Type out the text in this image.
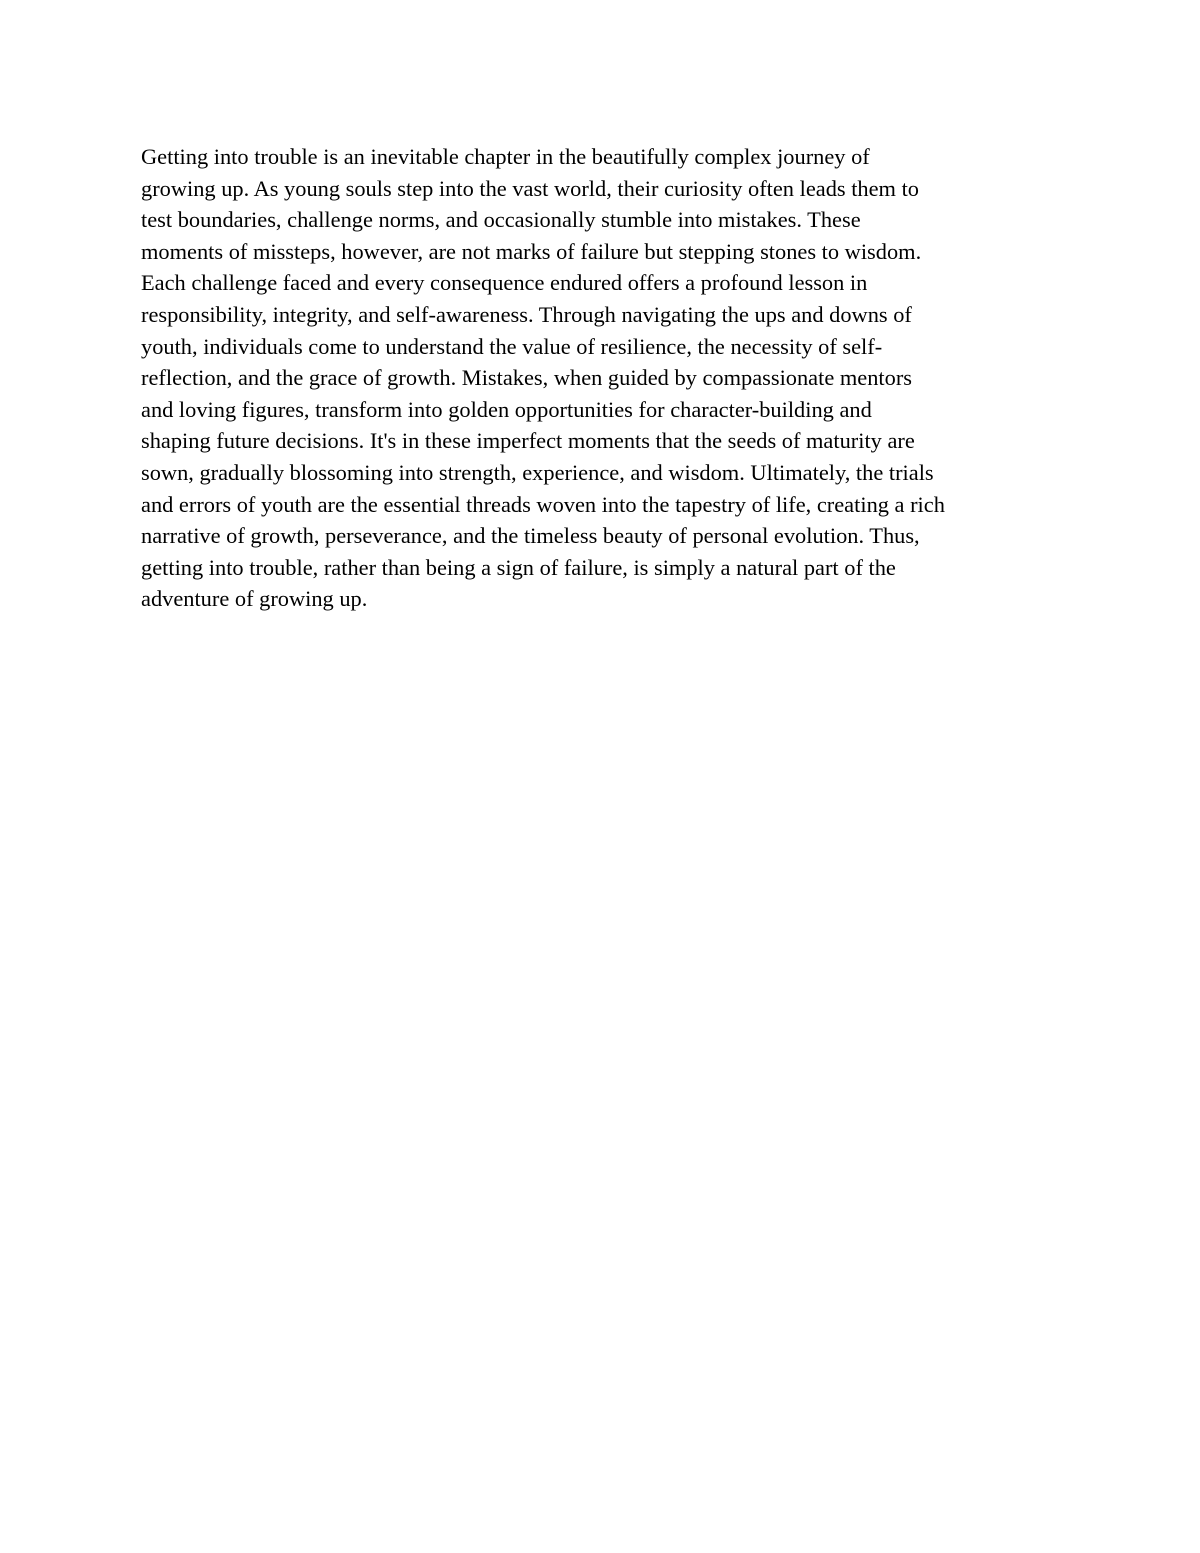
Getting into trouble is an inevitable chapter in the beautifully complex journey of
growing up. As young souls step into the vast world, their curiosity often leads them to
test boundaries, challenge norms, and occasionally stumble into mistakes. These
moments of missteps, however, are not marks of failure but stepping stones to wisdom.
Each challenge faced and every consequence endured offers a profound lesson in
responsibility, integrity, and self-awareness. Through navigating the ups and downs of
youth, individuals come to understand the value of resilience, the necessity of self-
reflection, and the grace of growth. Mistakes, when guided by compassionate mentors
and loving figures, transform into golden opportunities for character-building and
shaping future decisions. It's in these imperfect moments that the seeds of maturity are
sown, gradually blossoming into strength, experience, and wisdom. Ultimately, the trials
and errors of youth are the essential threads woven into the tapestry of life, creating a rich
narrative of growth, perseverance, and the timeless beauty of personal evolution. Thus,
getting into trouble, rather than being a sign of failure, is simply a natural part of the
adventure of growing up.
